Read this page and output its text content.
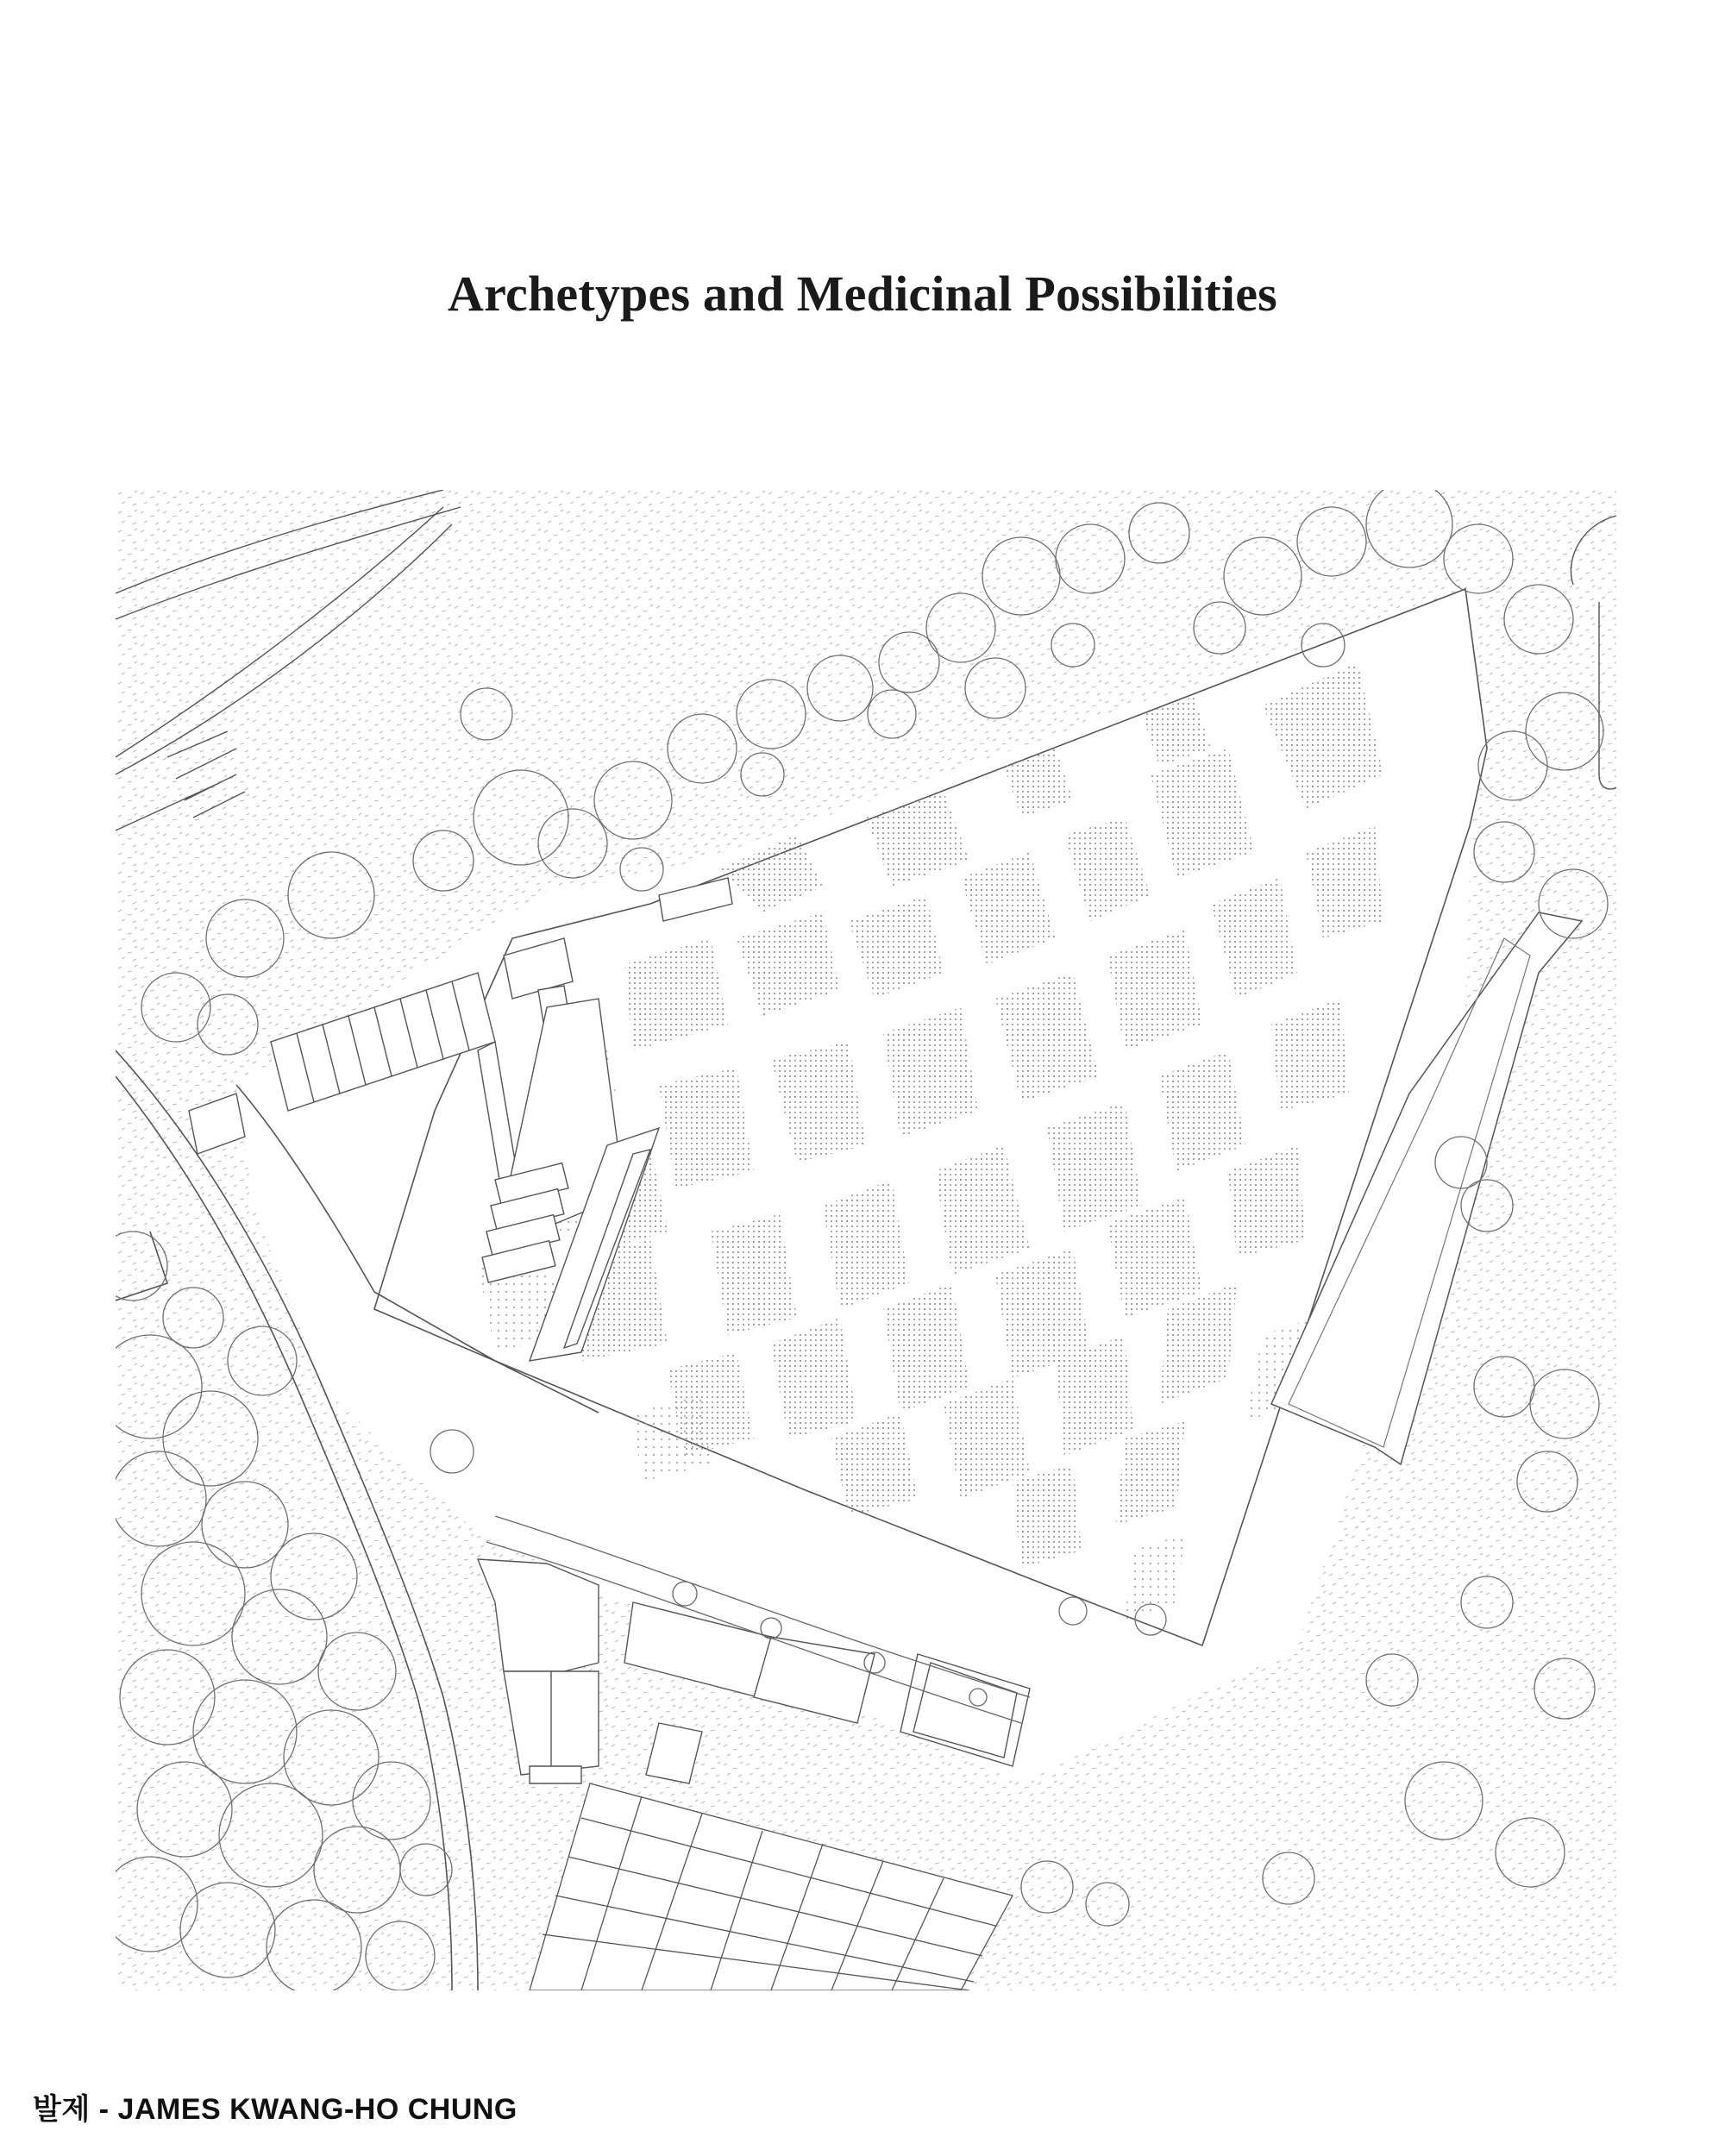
Archetypes and Medicinal Possibilities
발제 - JAMES KWANG-HO CHUNG
